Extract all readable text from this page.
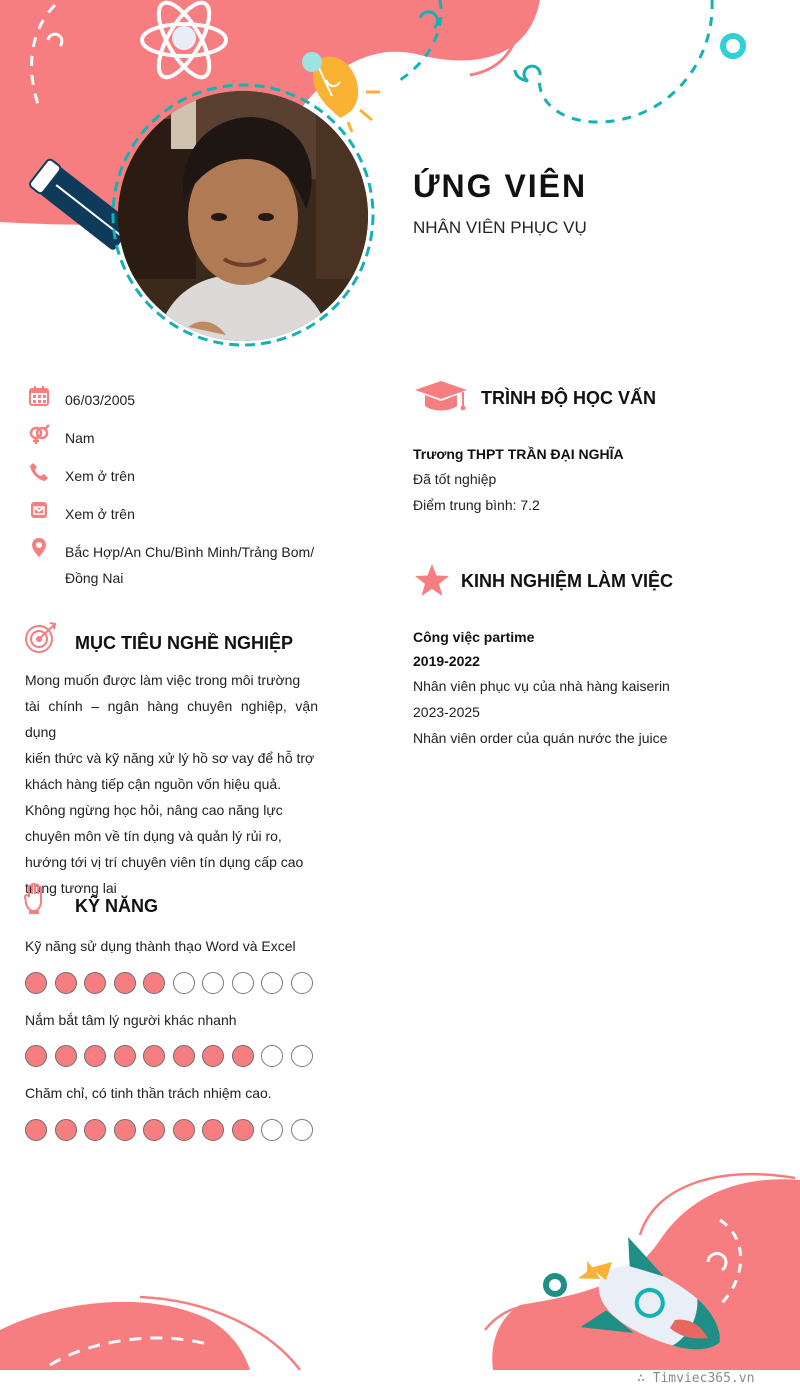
ỨNG VIÊN
NHÂN VIÊN PHỤC VỤ
06/03/2005
Nam
Xem ở trên
Xem ở trên
Bắc Hợp/An Chu/Bình Minh/Trảng Bom/
Đồng Nai
MỤC TIÊU NGHỀ NGHIỆP
Mong muốn được làm việc trong môi trường
tài chính – ngân hàng chuyên nghiệp, vận dụng
kiến thức và kỹ năng xử lý hồ sơ vay để hỗ trợ
khách hàng tiếp cận nguồn vốn hiệu quả.
Không ngừng học hỏi, nâng cao năng lực
chuyên môn về tín dụng và quản lý rủi ro,
hướng tới vị trí chuyên viên tín dụng cấp cao
trong tương lai
KỸ NĂNG
Kỹ năng sử dụng thành thạo Word và Excel
Nắm bắt tâm lý người khác nhanh
Chăm chỉ, có tinh thần trách nhiệm cao.
TRÌNH ĐỘ HỌC VẤN
Trương THPT TRẦN ĐẠI NGHĨA
Đã tốt nghiệp
Điểm trung bình: 7.2
KINH NGHIỆM LÀM VIỆC
Công việc partime
2019-2022
Nhân viên phục vụ của nhà hàng kaiserin
2023-2025
Nhân viên order của quán nước the juice
∴ Timviec365.vn
